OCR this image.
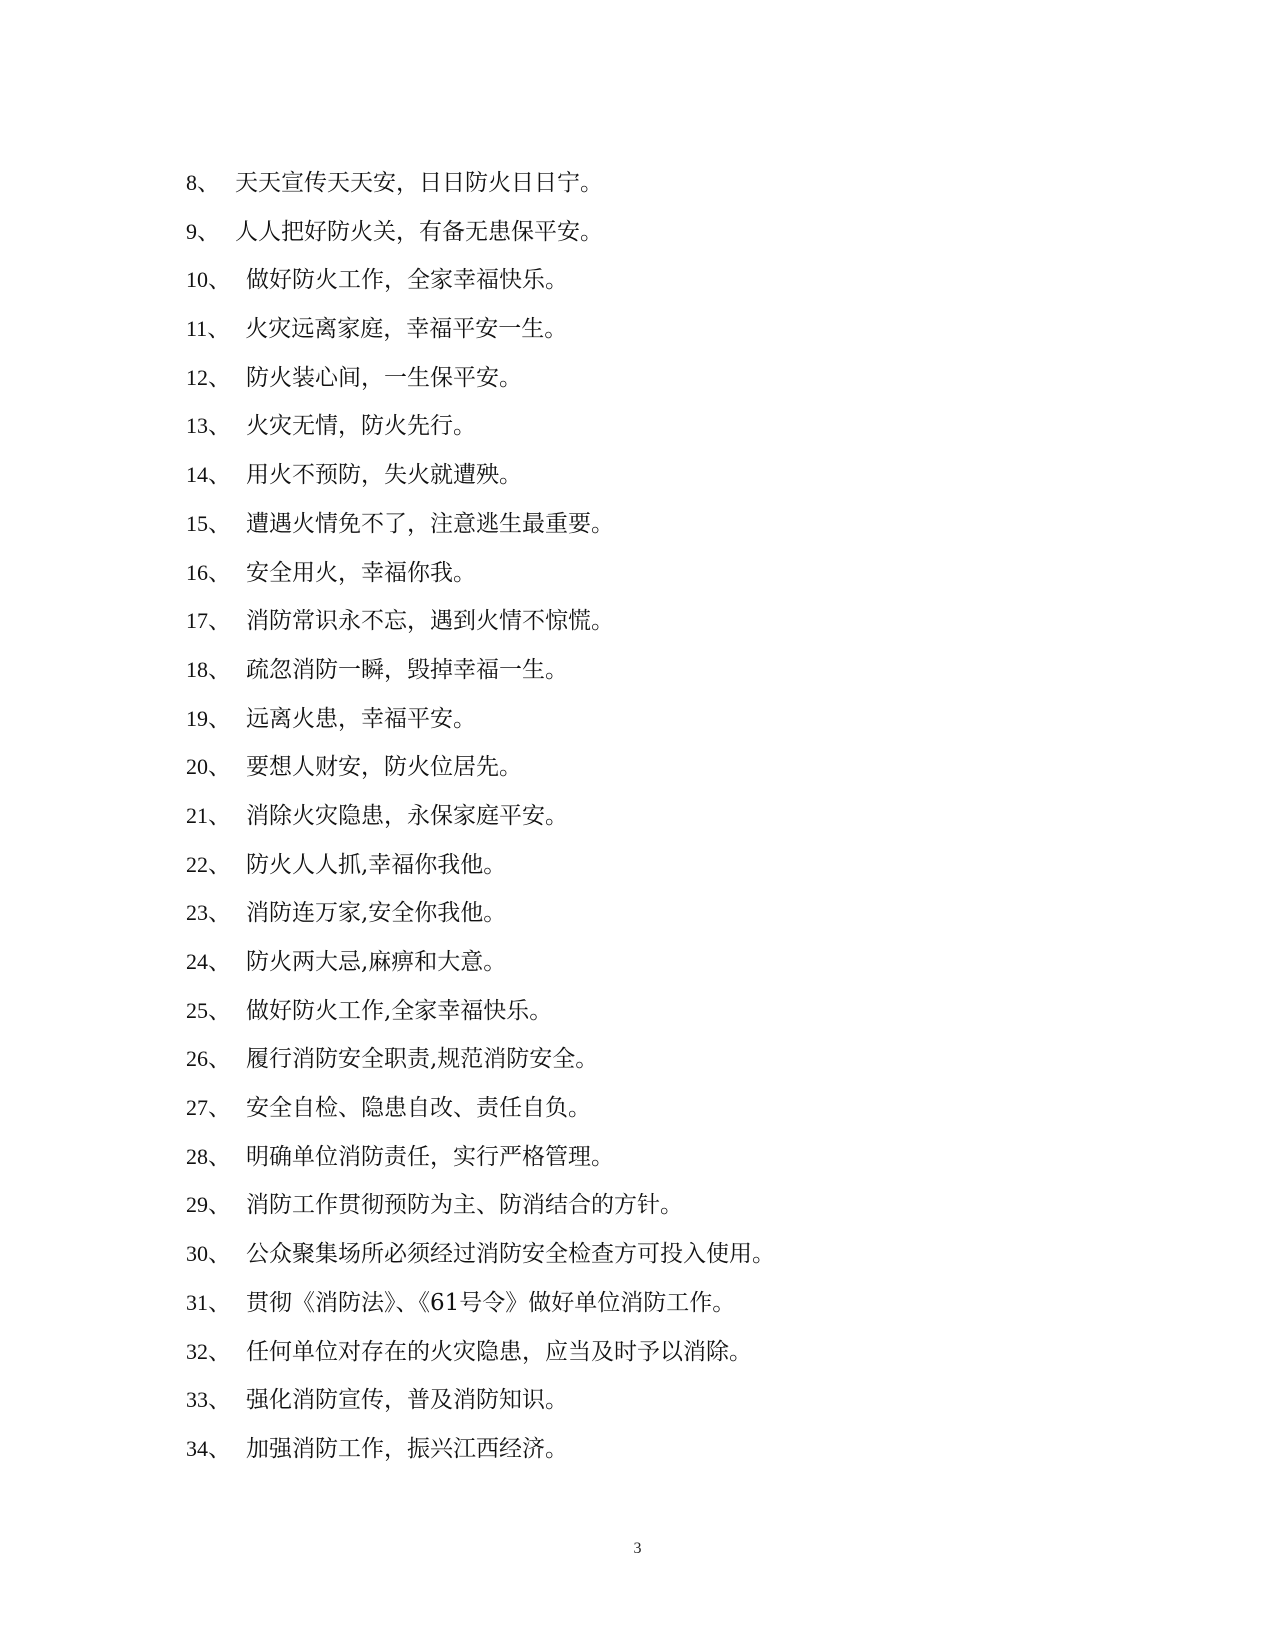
8 、 天天宣传天天安，日日防火日日宁。
9 、 人人把好防火关，有备无患保平安。
10 、 做好防火工作，全家幸福快乐。
11 、 火灾远离家庭，幸福平安一生。
12 、 防火装心间，一生保平安。
13 、 火灾无情，防火先行。
14 、 用火不预防，失火就遭殃。
15 、 遭遇火情免不了，注意逃生最重要。
16 、 安全用火，幸福你我。
17 、 消防常识永不忘，遇到火情不惊慌。
18 、 疏忽消防一瞬，毁掉幸福一生。
19 、 远离火患，幸福平安。
20 、 要想人财安，防火位居先。
21 、 消除火灾隐患，永保家庭平安。
22 、 防火人人抓,幸福你我他。
23 、 消防连万家,安全你我他。
24 、 防火两大忌,麻痹和大意。
25 、 做好防火工作,全家幸福快乐。
26 、 履行消防安全职责,规范消防安全。
27 、 安全自检、隐患自改、责任自负。
28 、 明确单位消防责任，实行严格管理。
29 、 消防工作贯彻预防为主、防消结合的方针。
30 、 公众聚集场所必须经过消防安全检查方可投入使用。
31 、 贯彻《消防法》、《61号令》做好单位消防工作。
32 、 任何单位对存在的火灾隐患，应当及时予以消除。
33 、 强化消防宣传，普及消防知识。
34 、 加强消防工作，振兴江西经济。
3
